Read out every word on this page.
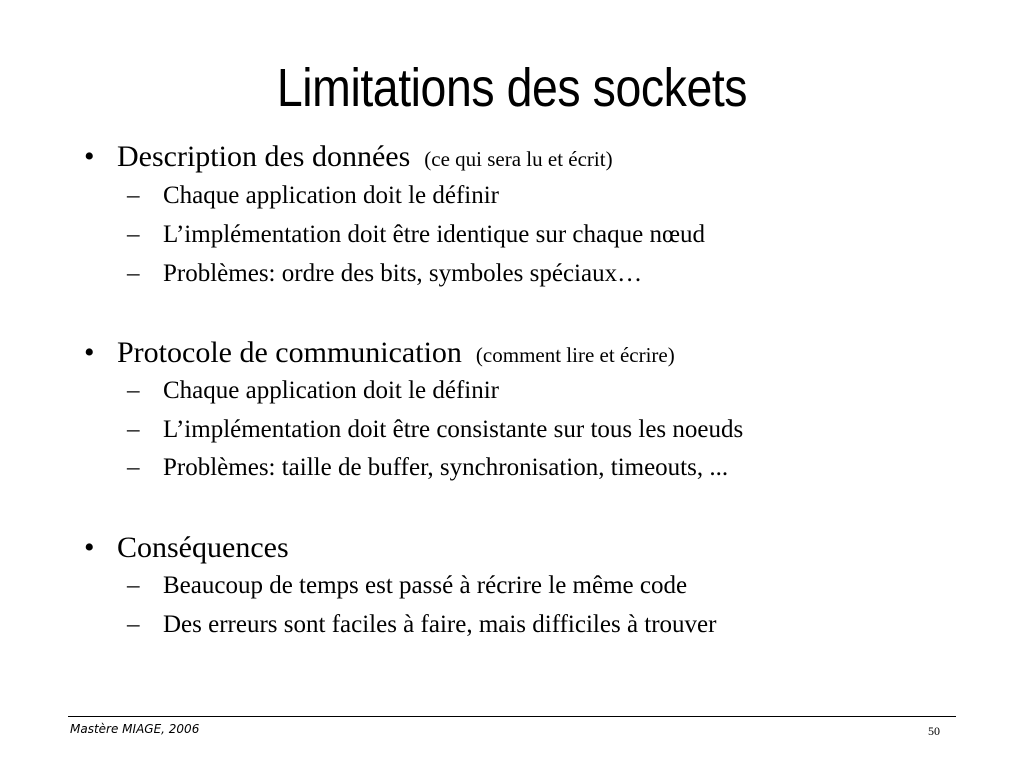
Limitations des sockets
• Description des données (ce qui sera lu et écrit)
– Chaque application doit le définir
– L’implémentation doit être identique sur chaque nœud
– Problèmes: ordre des bits, symboles spéciaux…
• Protocole de communication (comment lire et écrire)
– Chaque application doit le définir
– L’implémentation doit être consistante sur tous les noeuds
– Problèmes: taille de buffer, synchronisation, timeouts, ...
• Conséquences
– Beaucoup de temps est passé à récrire le même code
– Des erreurs sont faciles à faire, mais difficiles à trouver
Mastère MIAGE, 2006	50
